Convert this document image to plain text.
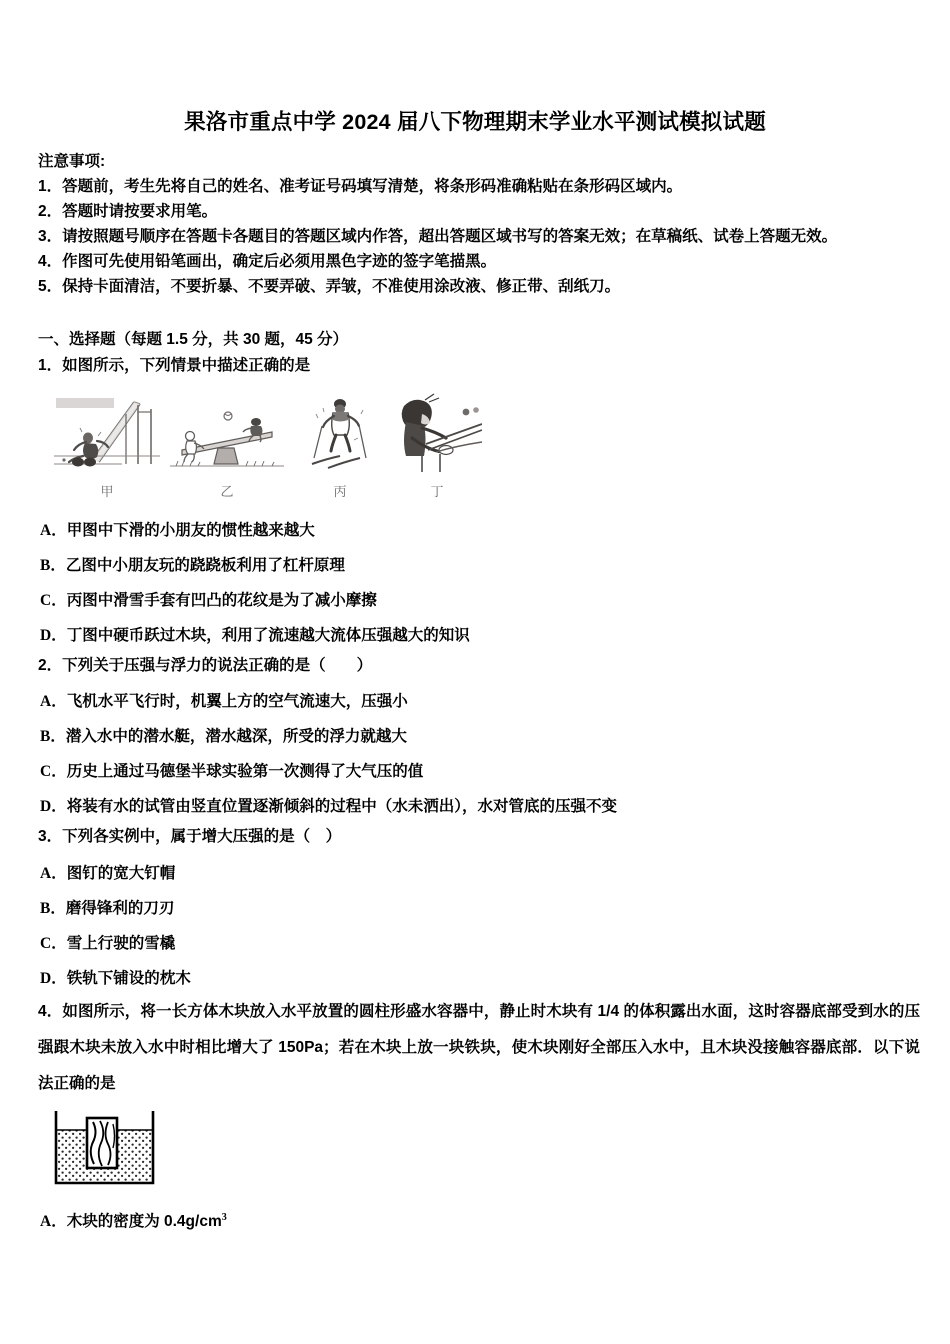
果洛市重点中学 2024 届八下物理期末学业水平测试模拟试题
注意事项:
1．答题前，考生先将自己的姓名、准考证号码填写清楚，将条形码准确粘贴在条形码区域内。
2．答题时请按要求用笔。
3．请按照题号顺序在答题卡各题目的答题区域内作答，超出答题区域书写的答案无效；在草稿纸、试卷上答题无效。
4．作图可先使用铅笔画出，确定后必须用黑色字迹的签字笔描黑。
5．保持卡面清洁，不要折暴、不要弄破、弄皱，不准使用涂改液、修正带、刮纸刀。
一、选择题（每题 1.5 分，共 30 题，45 分）
1．如图所示，下列情景中描述正确的是
甲	乙	丙	丁
A．甲图中下滑的小朋友的惯性越来越大
B．乙图中小朋友玩的跷跷板利用了杠杆原理
C．丙图中滑雪手套有凹凸的花纹是为了减小摩擦
D．丁图中硬币跃过木块，利用了流速越大流体压强越大的知识
2．下列关于压强与浮力的说法正确的是（　　）
A．飞机水平飞行时，机翼上方的空气流速大，压强小
B．潜入水中的潜水艇，潜水越深，所受的浮力就越大
C．历史上通过马德堡半球实验第一次测得了大气压的值
D．将装有水的试管由竖直位置逐渐倾斜的过程中（水未洒出），水对管底的压强不变
3．下列各实例中，属于增大压强的是（　）
A．图钉的宽大钉帽
B．磨得锋利的刀刃
C．雪上行驶的雪橇
D．铁轨下铺设的枕木
4．如图所示，将一长方体木块放入水平放置的圆柱形盛水容器中，静止时木块有 1/4 的体积露出水面，这时容器底部受到水的压强跟木块未放入水中时相比增大了 150Pa；若在木块上放一块铁块，使木块刚好全部压入水中，且木块没接触容器底部．以下说法正确的是
A．木块的密度为 $0.4g/cm^3$
